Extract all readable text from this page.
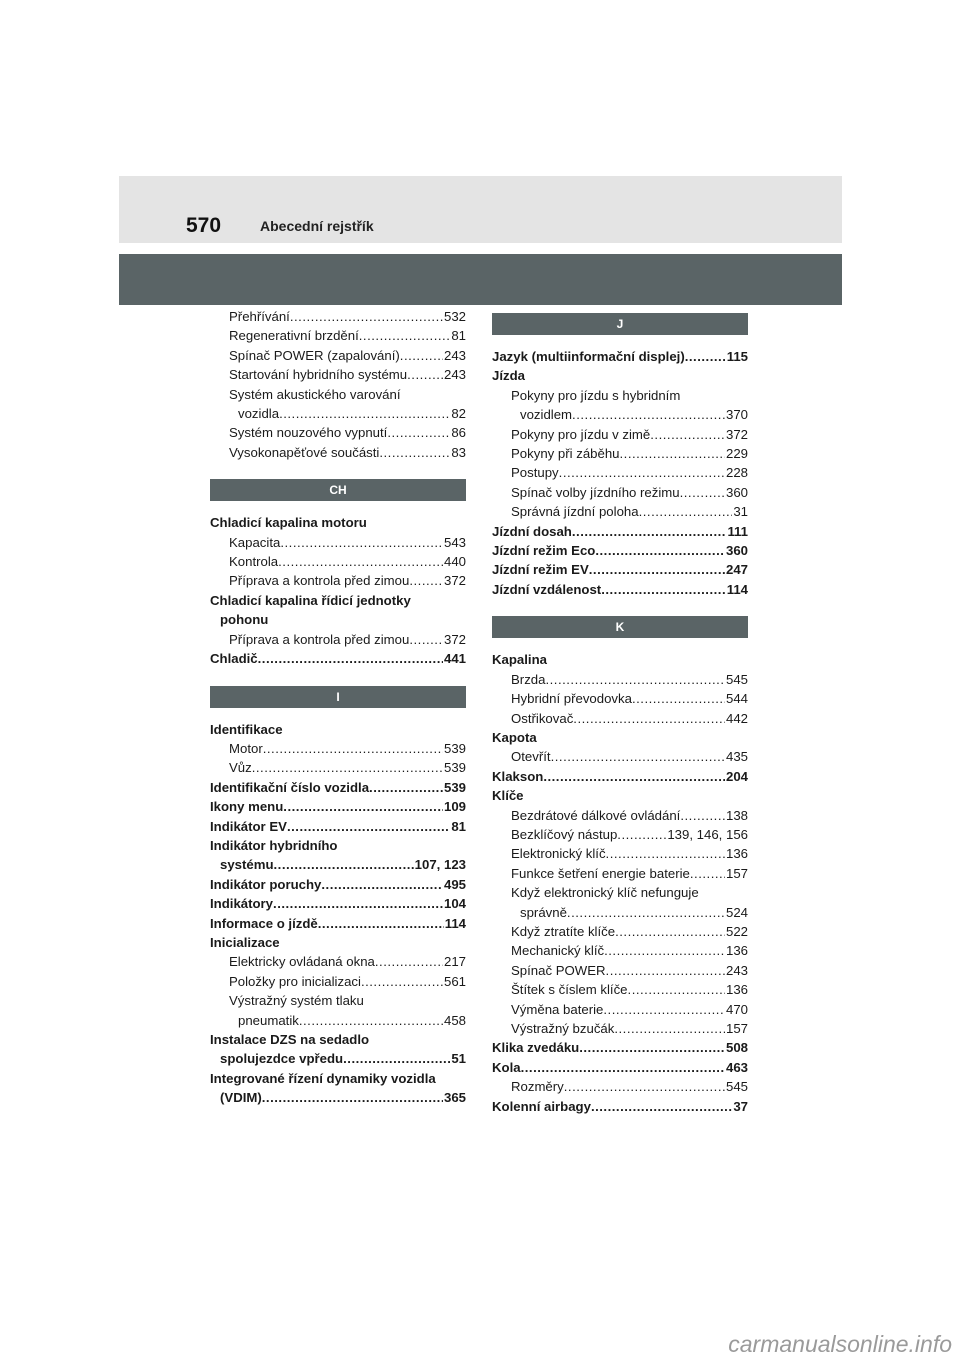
570	Abecední rejstřík
Přehřívání .....	532
Regenerativní brzdění .....	81
Spínač POWER (zapalování) .....	243
Startování hybridního systému .....	243
Systém akustického varování
vozidla .....	82
Systém nouzového vypnutí .....	86
Vysokonapěťové součásti .....	83
CH
Chladicí kapalina motoru
Kapacita .....	543
Kontrola .....	440
Příprava a kontrola před zimou .....	372
Chladicí kapalina řídicí jednotky
pohonu
Příprava a kontrola před zimou .....	372
Chladič .....	441
I
Identifikace
Motor .....	539
Vůz .....	539
Identifikační číslo vozidla .....	539
Ikony menu .....	109
Indikátor EV .....	81
Indikátor hybridního
systému .....	107, 123
Indikátor poruchy .....	495
Indikátory .....	104
Informace o jízdě .....	114
Inicializace
Elektricky ovládaná okna .....	217
Položky pro inicializaci .....	561
Výstražný systém tlaku
pneumatik .....	458
Instalace DZS na sedadlo
spolujezdce vpředu .....	51
Integrované řízení dynamiky vozidla
(VDIM) .....	365
J
Jazyk (multiinformační displej) .....	115
Jízda
Pokyny pro jízdu s hybridním
vozidlem .....	370
Pokyny pro jízdu v zimě .....	372
Pokyny při záběhu .....	229
Postupy .....	228
Spínač volby jízdního režimu .....	360
Správná jízdní poloha .....	31
Jízdní dosah .....	111
Jízdní režim Eco .....	360
Jízdní režim EV .....	247
Jízdní vzdálenost .....	114
K
Kapalina
Brzda .....	545
Hybridní převodovka .....	544
Ostřikovač .....	442
Kapota
Otevřít .....	435
Klakson .....	204
Klíče
Bezdrátové dálkové ovládání .....	138
Bezklíčový nástup .....	139, 146, 156
Elektronický klíč .....	136
Funkce šetření energie baterie .....	157
Když elektronický klíč nefunguje
správně .....	524
Když ztratíte klíče .....	522
Mechanický klíč .....	136
Spínač POWER .....	243
Štítek s číslem klíče .....	136
Výměna baterie .....	470
Výstražný bzučák .....	157
Klika zvedáku .....	508
Kola .....	463
Rozměry .....	545
Kolenní airbagy .....	37
carmanualsonline.info
